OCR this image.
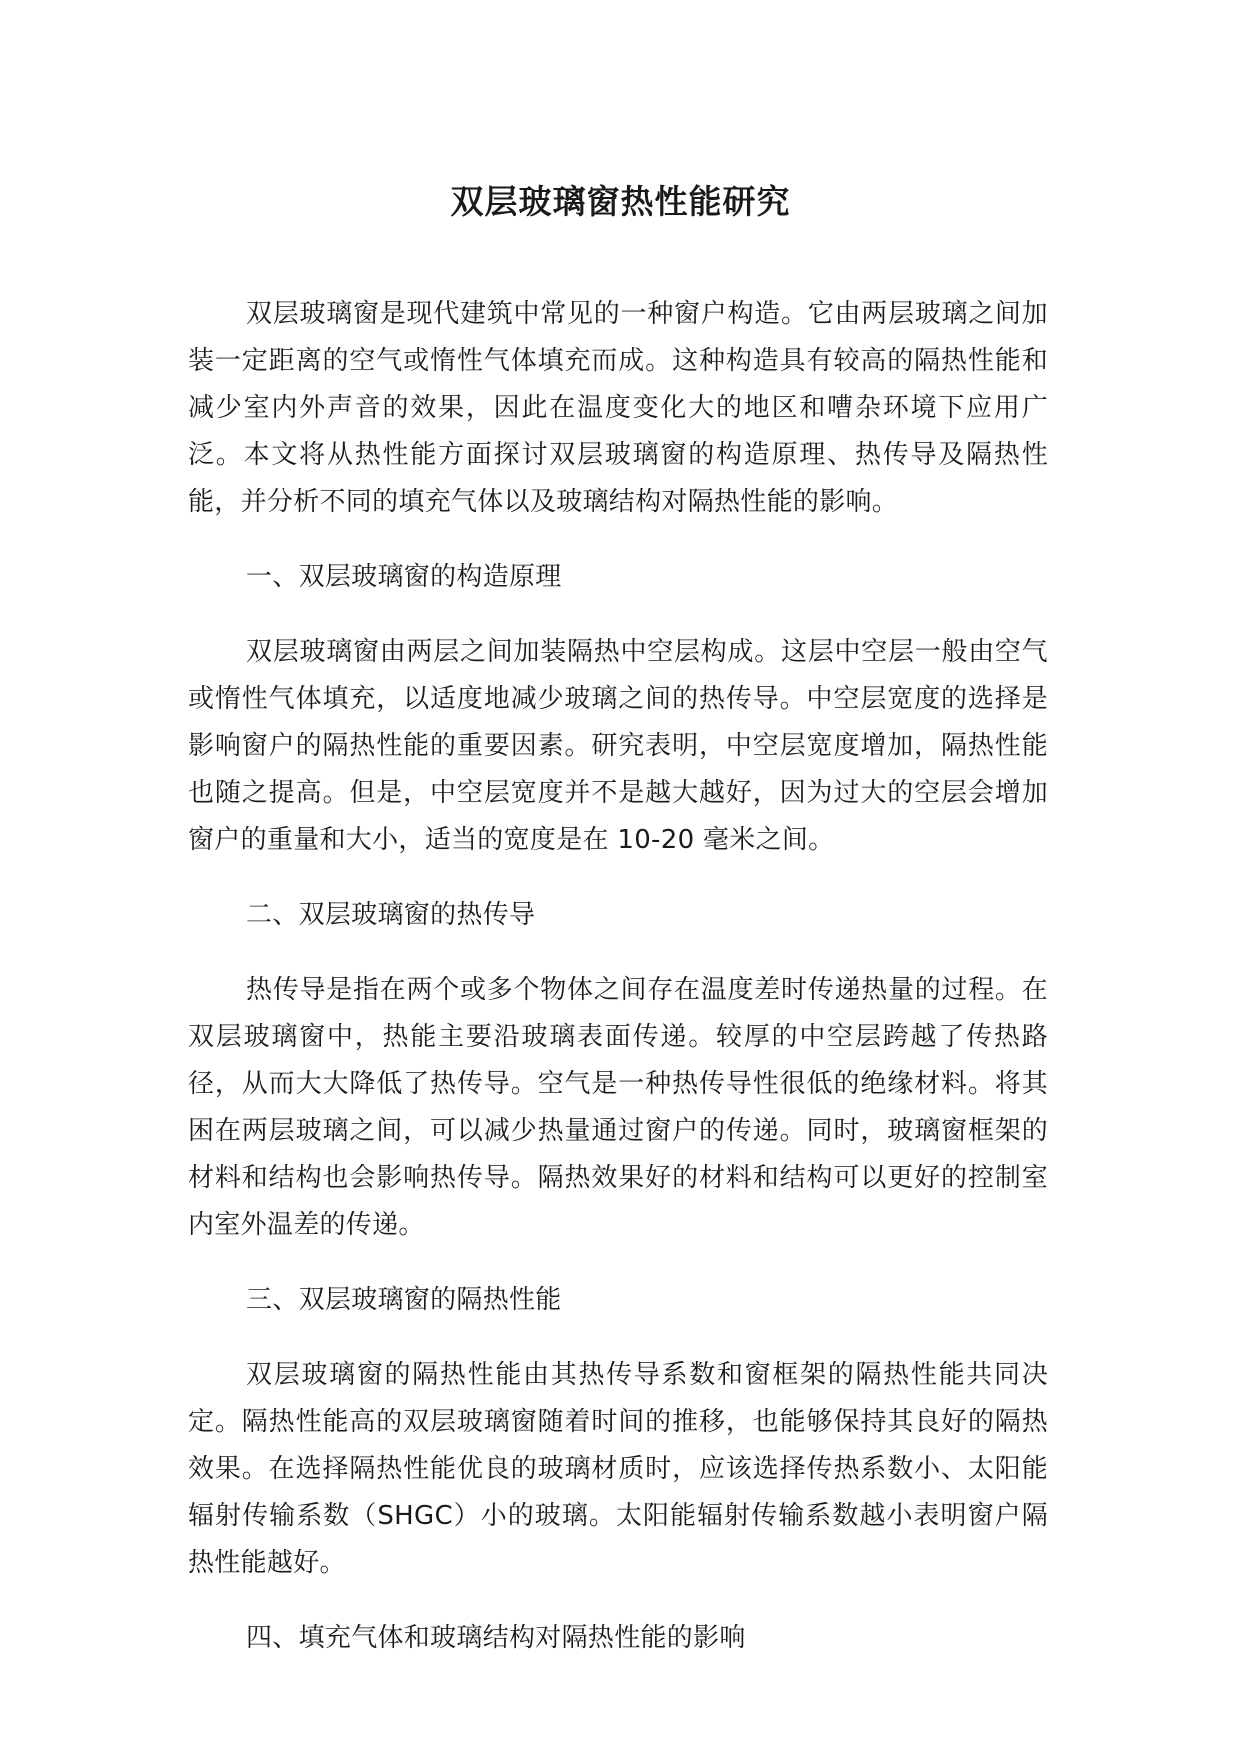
双层玻璃窗热性能研究

双层玻璃窗是现代建筑中常见的一种窗户构造。它由两层玻璃之间加装一定距离的空气或惰性气体填充而成。这种构造具有较高的隔热性能和减少室内外声音的效果，因此在温度变化大的地区和嘈杂环境下应用广泛。本文将从热性能方面探讨双层玻璃窗的构造原理、热传导及隔热性能，并分析不同的填充气体以及玻璃结构对隔热性能的影响。

一、双层玻璃窗的构造原理

双层玻璃窗由两层之间加装隔热中空层构成。这层中空层一般由空气或惰性气体填充，以适度地减少玻璃之间的热传导。中空层宽度的选择是影响窗户的隔热性能的重要因素。研究表明，中空层宽度增加，隔热性能也随之提高。但是，中空层宽度并不是越大越好，因为过大的空层会增加窗户的重量和大小，适当的宽度是在 10-20 毫米之间。

二、双层玻璃窗的热传导

热传导是指在两个或多个物体之间存在温度差时传递热量的过程。在双层玻璃窗中，热能主要沿玻璃表面传递。较厚的中空层跨越了传热路径，从而大大降低了热传导。空气是一种热传导性很低的绝缘材料。将其困在两层玻璃之间，可以减少热量通过窗户的传递。同时，玻璃窗框架的材料和结构也会影响热传导。隔热效果好的材料和结构可以更好的控制室内室外温差的传递。

三、双层玻璃窗的隔热性能

双层玻璃窗的隔热性能由其热传导系数和窗框架的隔热性能共同决定。隔热性能高的双层玻璃窗随着时间的推移，也能够保持其良好的隔热效果。在选择隔热性能优良的玻璃材质时，应该选择传热系数小、太阳能辐射传输系数（SHGC）小的玻璃。太阳能辐射传输系数越小表明窗户隔热性能越好。

四、填充气体和玻璃结构对隔热性能的影响
